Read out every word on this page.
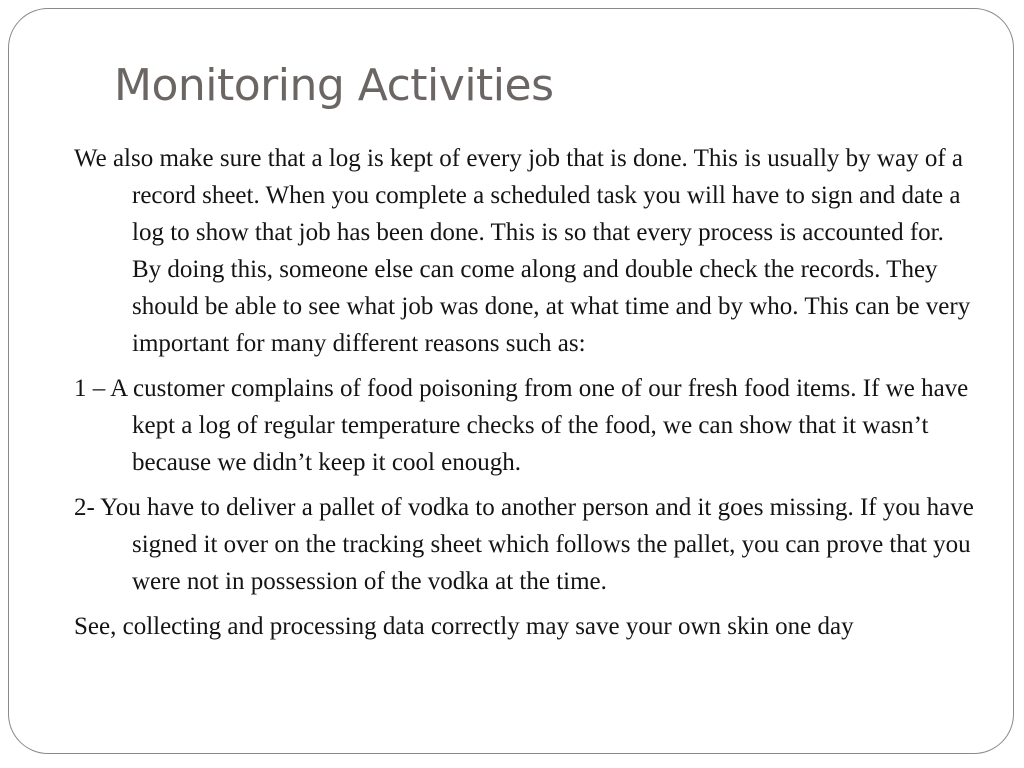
Monitoring Activities

We also make sure that a log is kept of every job that is done. This is usually by way of a record sheet. When you complete a scheduled task you will have to sign and date a log to show that job has been done. This is so that every process is accounted for. By doing this, someone else can come along and double check the records. They should be able to see what job was done, at what time and by who. This can be very important for many different reasons such as:

1 – A customer complains of food poisoning from one of our fresh food items. If we have kept a log of regular temperature checks of the food, we can show that it wasn’t because we didn’t keep it cool enough.

2- You have to deliver a pallet of vodka to another person and it goes missing. If you have signed it over on the tracking sheet which follows the pallet, you can prove that you were not in possession of the vodka at the time.

See, collecting and processing data correctly may save your own skin one day
